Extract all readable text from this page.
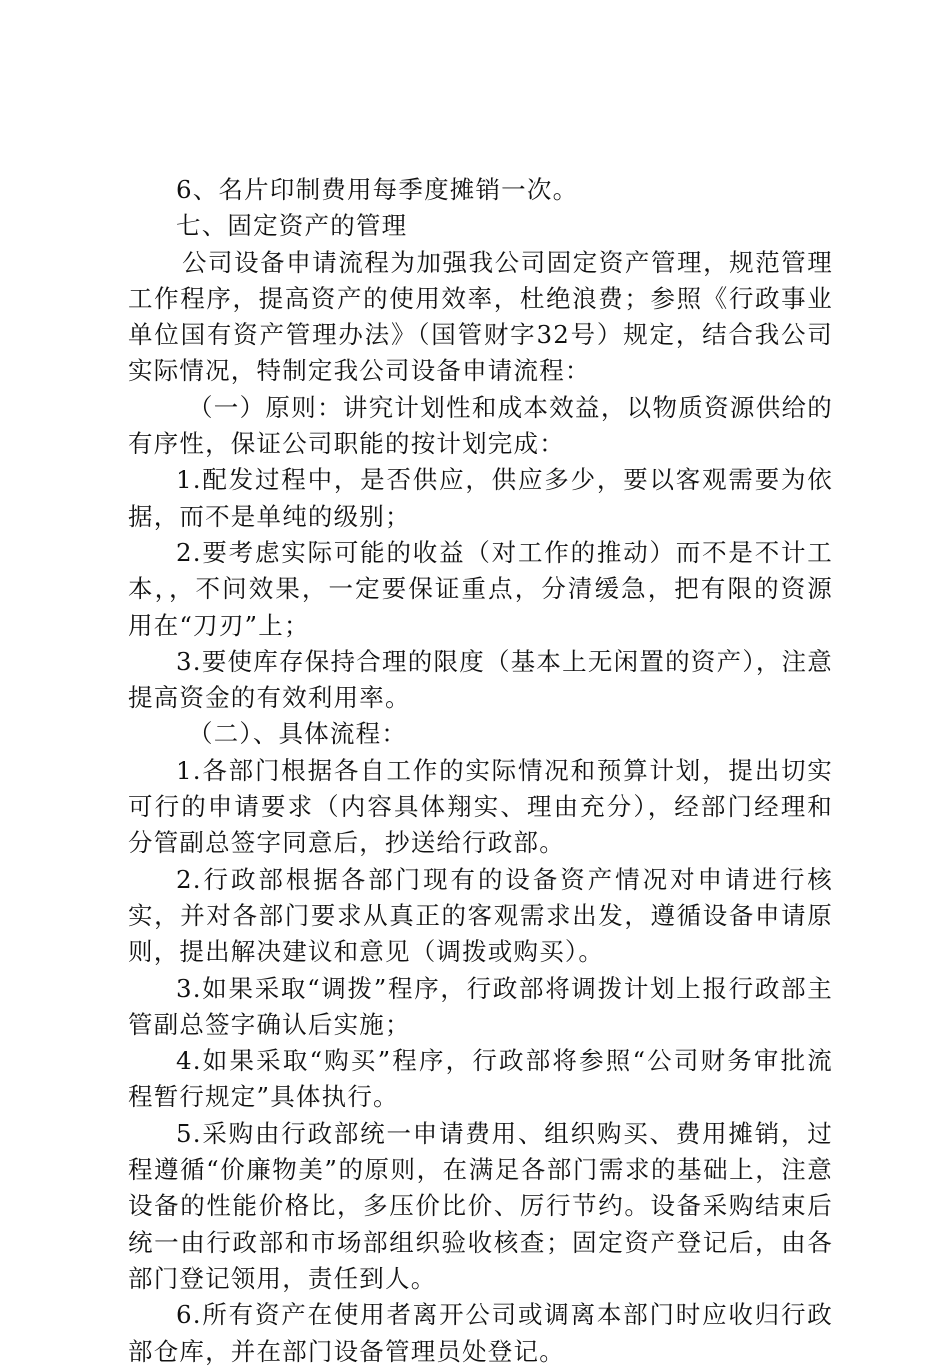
6、名片印制费用每季度摊销一次。

七、固定资产的管理

公司设备申请流程为加强我公司固定资产管理，规范管理工作程序，提高资产的使用效率，杜绝浪费；参照《行政事业单位国有资产管理办法》（国管财字32号）规定，结合我公司实际情况，特制定我公司设备申请流程：

（一）原则：讲究计划性和成本效益，以物质资源供给的有序性，保证公司职能的按计划完成：

1.配发过程中，是否供应，供应多少，要以客观需要为依据，而不是单纯的级别；

2.要考虑实际可能的收益（对工作的推动）而不是不计工本，，不问效果，一定要保证重点，分清缓急，把有限的资源用在“刀刃”上；

3.要使库存保持合理的限度（基本上无闲置的资产），注意提高资金的有效利用率。

（二）、具体流程：

1.各部门根据各自工作的实际情况和预算计划，提出切实可行的申请要求（内容具体翔实、理由充分），经部门经理和分管副总签字同意后，抄送给行政部。

2.行政部根据各部门现有的设备资产情况对申请进行核实，并对各部门要求从真正的客观需求出发，遵循设备申请原则，提出解决建议和意见（调拨或购买）。

3.如果采取“调拨”程序，行政部将调拨计划上报行政部主管副总签字确认后实施；

4.如果采取“购买”程序，行政部将参照“公司财务审批流程暂行规定”具体执行。

5.采购由行政部统一申请费用、组织购买、费用摊销，过程遵循“价廉物美”的原则，在满足各部门需求的基础上，注意设备的性能价格比，多压价比价、厉行节约。设备采购结束后统一由行政部和市场部组织验收核查；固定资产登记后，由各部门登记领用，责任到人。

6.所有资产在使用者离开公司或调离本部门时应收归行政部仓库，并在部门设备管理员处登记。
